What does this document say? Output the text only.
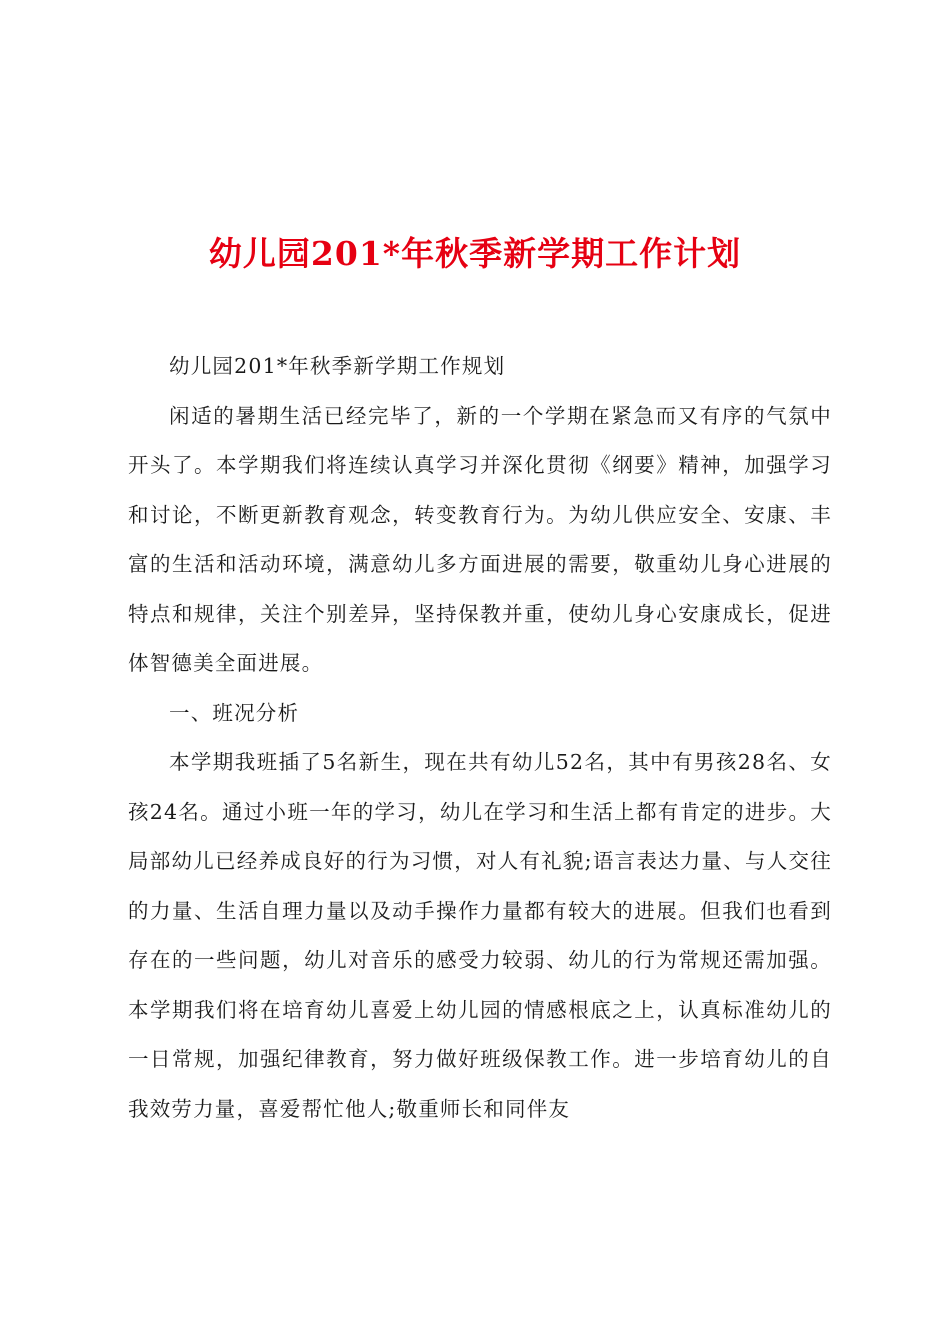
幼儿园201*年秋季新学期工作计划

幼儿园201*年秋季新学期工作规划

闲适的暑期生活已经完毕了，新的一个学期在紧急而又有序的气氛中开头了。本学期我们将连续认真学习并深化贯彻《纲要》精神，加强学习和讨论，不断更新教育观念，转变教育行为。为幼儿供应安全、安康、丰富的生活和活动环境，满意幼儿多方面进展的需要，敬重幼儿身心进展的特点和规律，关注个别差异，坚持保教并重，使幼儿身心安康成长，促进体智德美全面进展。

一、班况分析

本学期我班插了5名新生，现在共有幼儿52名，其中有男孩28名、女孩24名。通过小班一年的学习，幼儿在学习和生活上都有肯定的进步。大局部幼儿已经养成良好的行为习惯，对人有礼貌;语言表达力量、与人交往的力量、生活自理力量以及动手操作力量都有较大的进展。但我们也看到存在的一些问题，幼儿对音乐的感受力较弱、幼儿的行为常规还需加强。本学期我们将在培育幼儿喜爱上幼儿园的情感根底之上，认真标准幼儿的一日常规，加强纪律教育，努力做好班级保教工作。进一步培育幼儿的自我效劳力量，喜爱帮忙他人;敬重师长和同伴友
